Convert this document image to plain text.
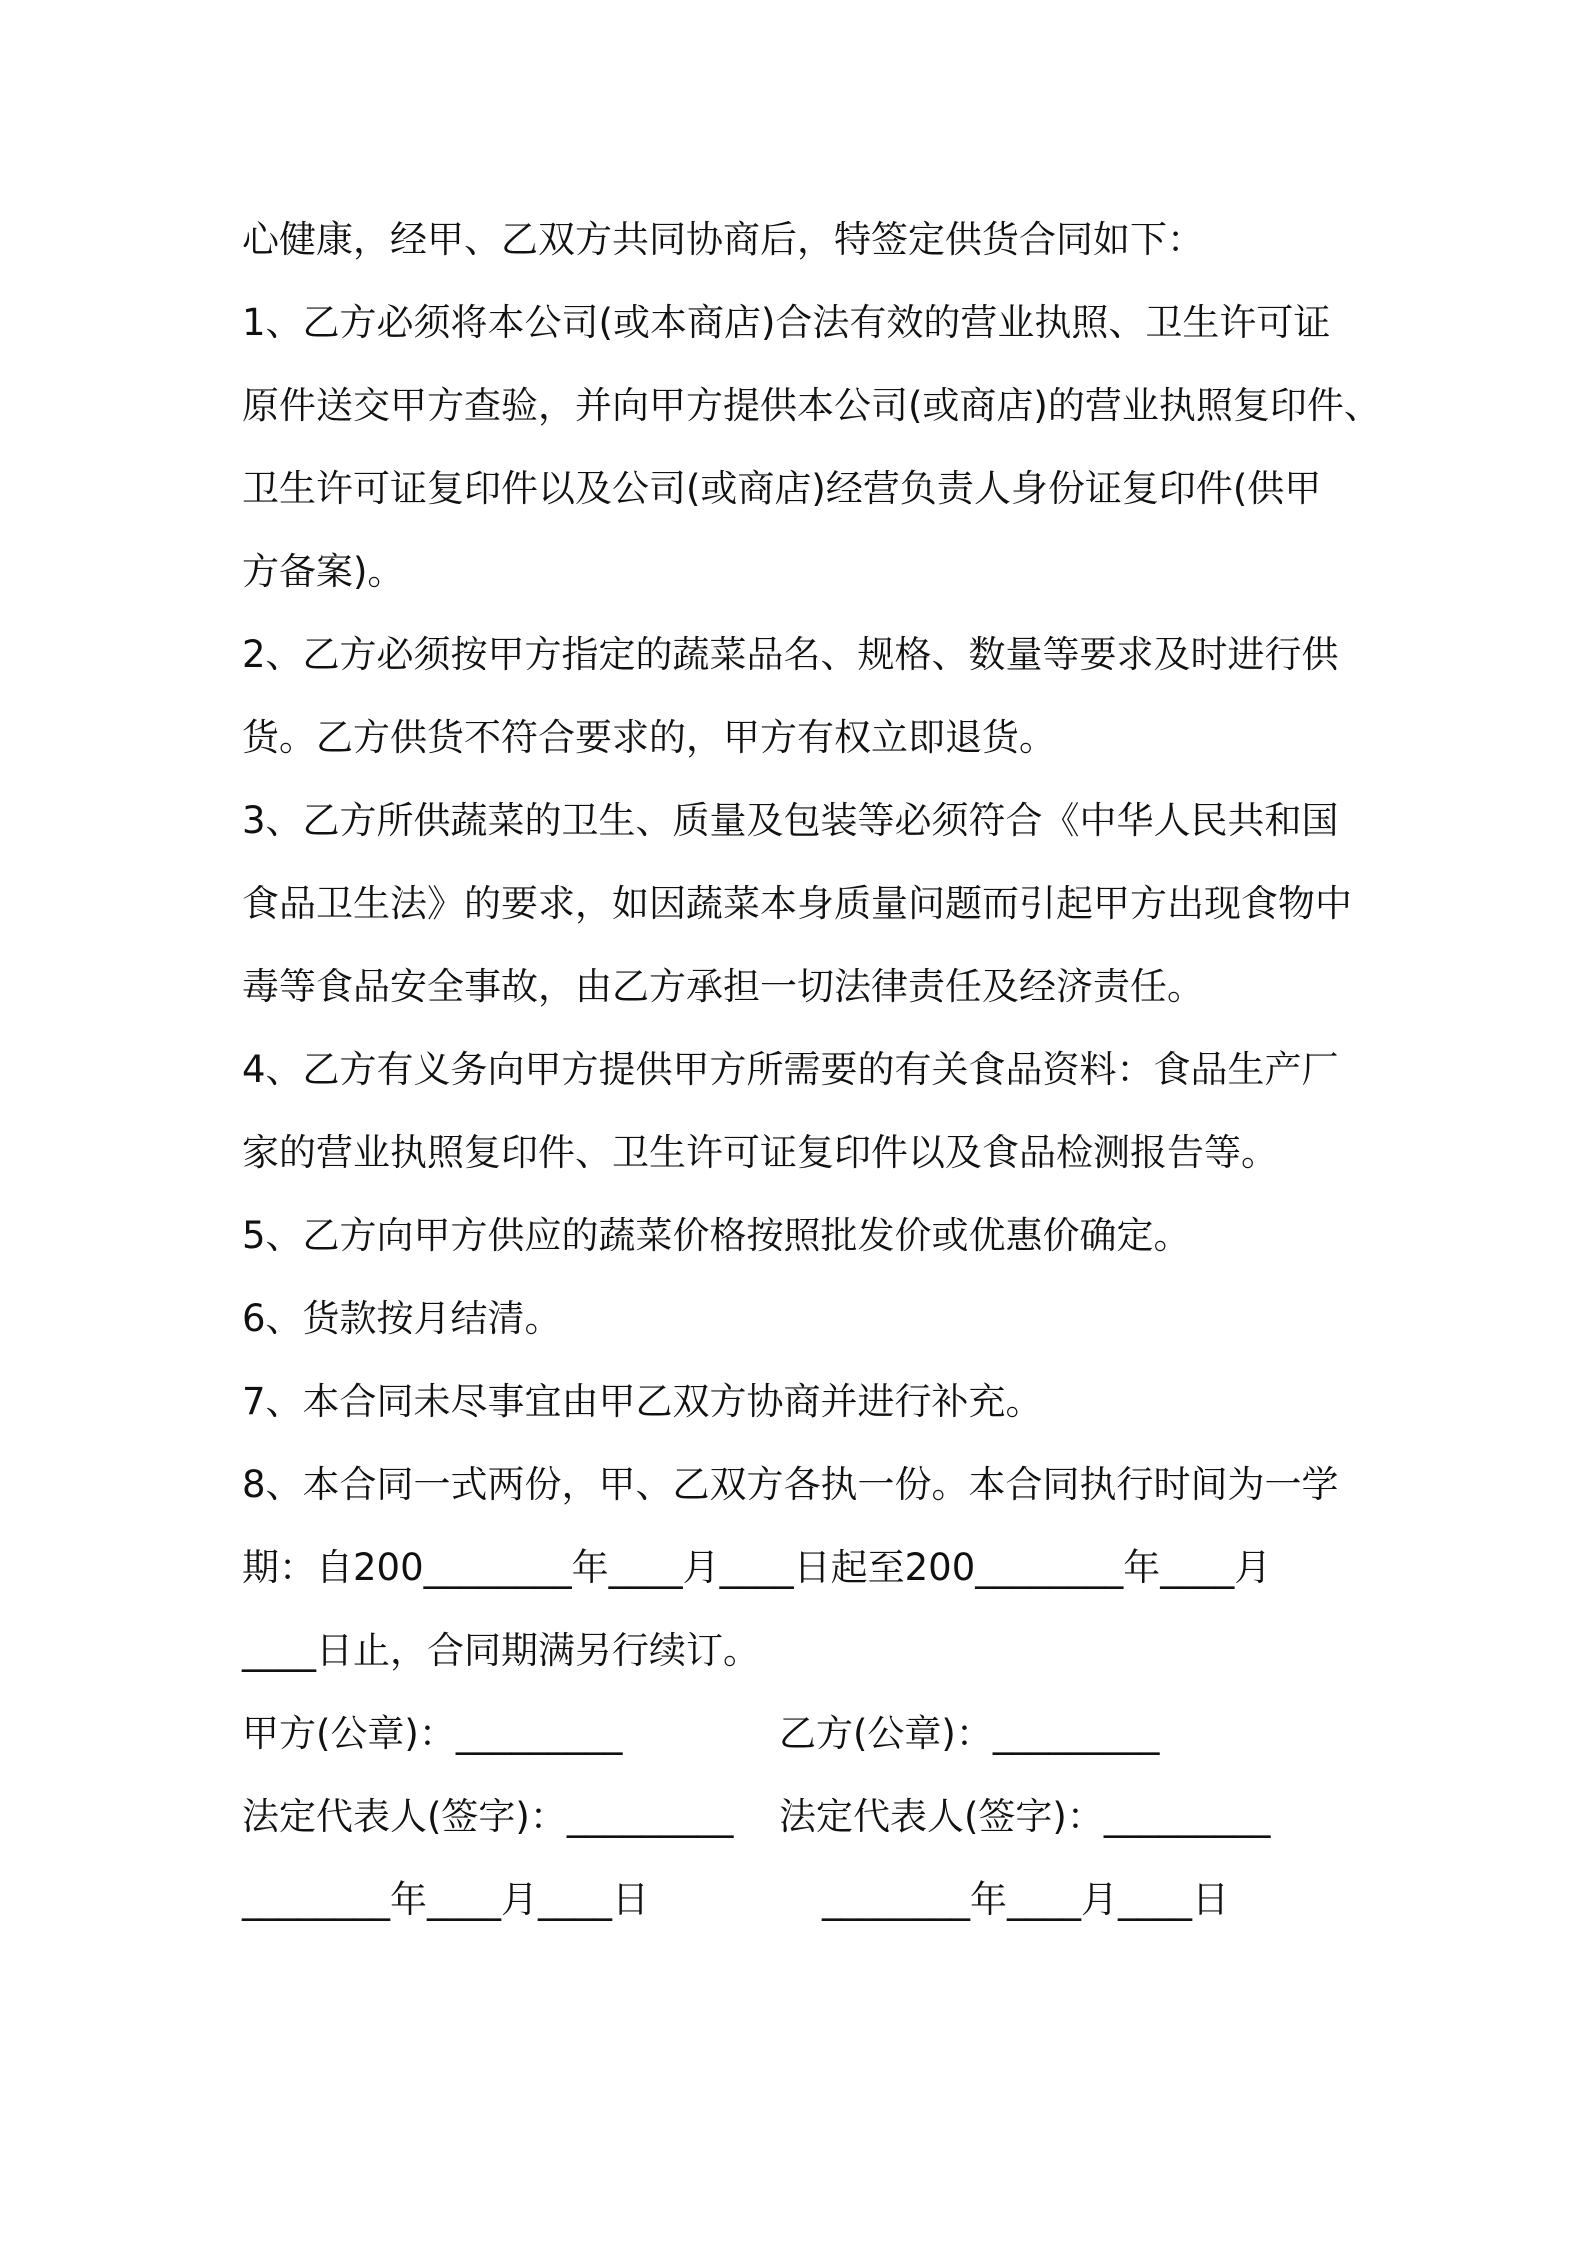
心健康，经甲、乙双方共同协商后，特签定供货合同如下：
1、乙方必须将本公司(或本商店)合法有效的营业执照、卫生许可证
原件送交甲方查验，并向甲方提供本公司(或商店)的营业执照复印件、
卫生许可证复印件以及公司(或商店)经营负责人身份证复印件(供甲
方备案)。
2、乙方必须按甲方指定的蔬菜品名、规格、数量等要求及时进行供
货。乙方供货不符合要求的，甲方有权立即退货。
3、乙方所供蔬菜的卫生、质量及包装等必须符合《中华人民共和国
食品卫生法》的要求，如因蔬菜本身质量问题而引起甲方出现食物中
毒等食品安全事故，由乙方承担一切法律责任及经济责任。
4、乙方有义务向甲方提供甲方所需要的有关食品资料：食品生产厂
家的营业执照复印件、卫生许可证复印件以及食品检测报告等。
5、乙方向甲方供应的蔬菜价格按照批发价或优惠价确定。
6、货款按月结清。
7、本合同未尽事宜由甲乙双方协商并进行补充。
8、本合同一式两份，甲、乙双方各执一份。本合同执行时间为一学
期：自200________年____月____日起至200________年____月
____日止，合同期满另行续订。
甲方(公章)：_________	乙方(公章)：_________
法定代表人(签字)：_________ 法定代表人(签字)：_________
________年____月____日	________年____月____日
